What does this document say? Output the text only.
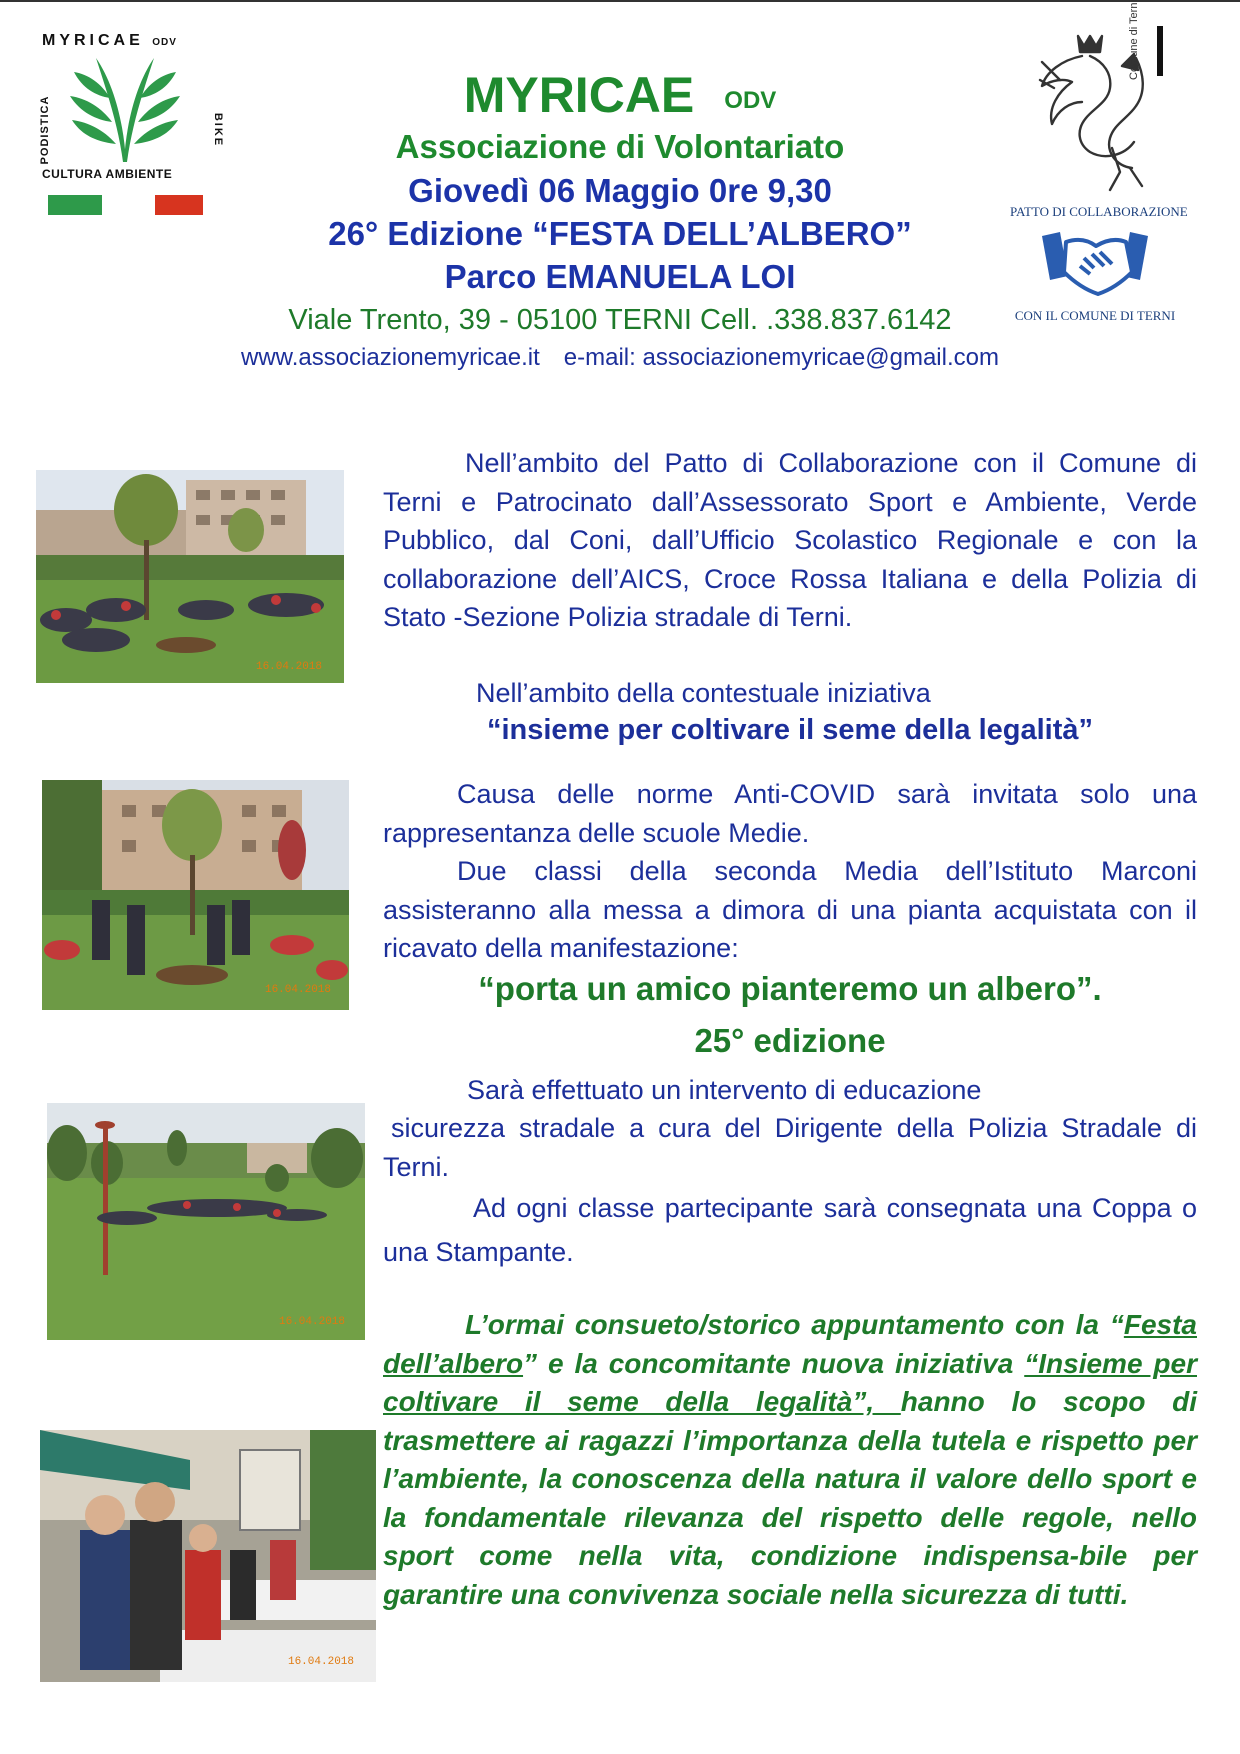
MYRICAE ODV
PODISTICA	BIKE
CULTURA AMBIENTE
Comune di Terni
PATTO DI COLLABORAZIONE
CON IL COMUNE DI TERNI
MYRICAE ODV
Associazione di Volontariato
Giovedì 06 Maggio 0re 9,30
26° Edizione “FESTA DELL’ALBERO”
Parco EMANUELA LOI
Viale Trento, 39 - 05100 TERNI Cell. .338.837.6142
www.associazionemyricae.it e-mail: associazionemyricae@gmail.com
16.04.2018
16.04.2018
16.04.2018
16.04.2018
Nell’ambito del Patto di Collaborazione con il Comune di Terni e Patrocinato dall’Assessorato Sport e Ambiente, Verde Pubblico, dal Coni, dall’Ufficio Scolastico Regionale e con la collaborazione dell’AICS, Croce Rossa Italiana e della Polizia di Stato -Sezione Polizia stradale di Terni.
Nell’ambito della contestuale iniziativa
“insieme per coltivare il seme della legalità”
Causa delle norme Anti-COVID sarà invitata solo una rappresentanza delle scuole Medie.
Due classi della seconda Media dell’Istituto Marconi assisteranno alla messa a dimora di una pianta acquistata con il ricavato della manifestazione:
“porta un amico pianteremo un albero”.
25° edizione
Sarà effettuato un intervento di educazione
sicurezza stradale a cura del Dirigente della Polizia Stradale di Terni.
Ad ogni classe partecipante sarà consegnata una Coppa o una Stampante.
L’ormai consueto/storico appuntamento con la “Festa dell’albero” e la concomitante nuova iniziativa “Insieme per coltivare il seme della legalità”, hanno lo scopo di trasmettere ai ragazzi l’importanza della tutela e rispetto per l’ambiente, la conoscenza della natura il valore dello sport e la fondamentale rilevanza del rispetto delle regole, nello sport come nella vita, condizione indispensa-bile per garantire una convivenza sociale nella sicurezza di tutti.
